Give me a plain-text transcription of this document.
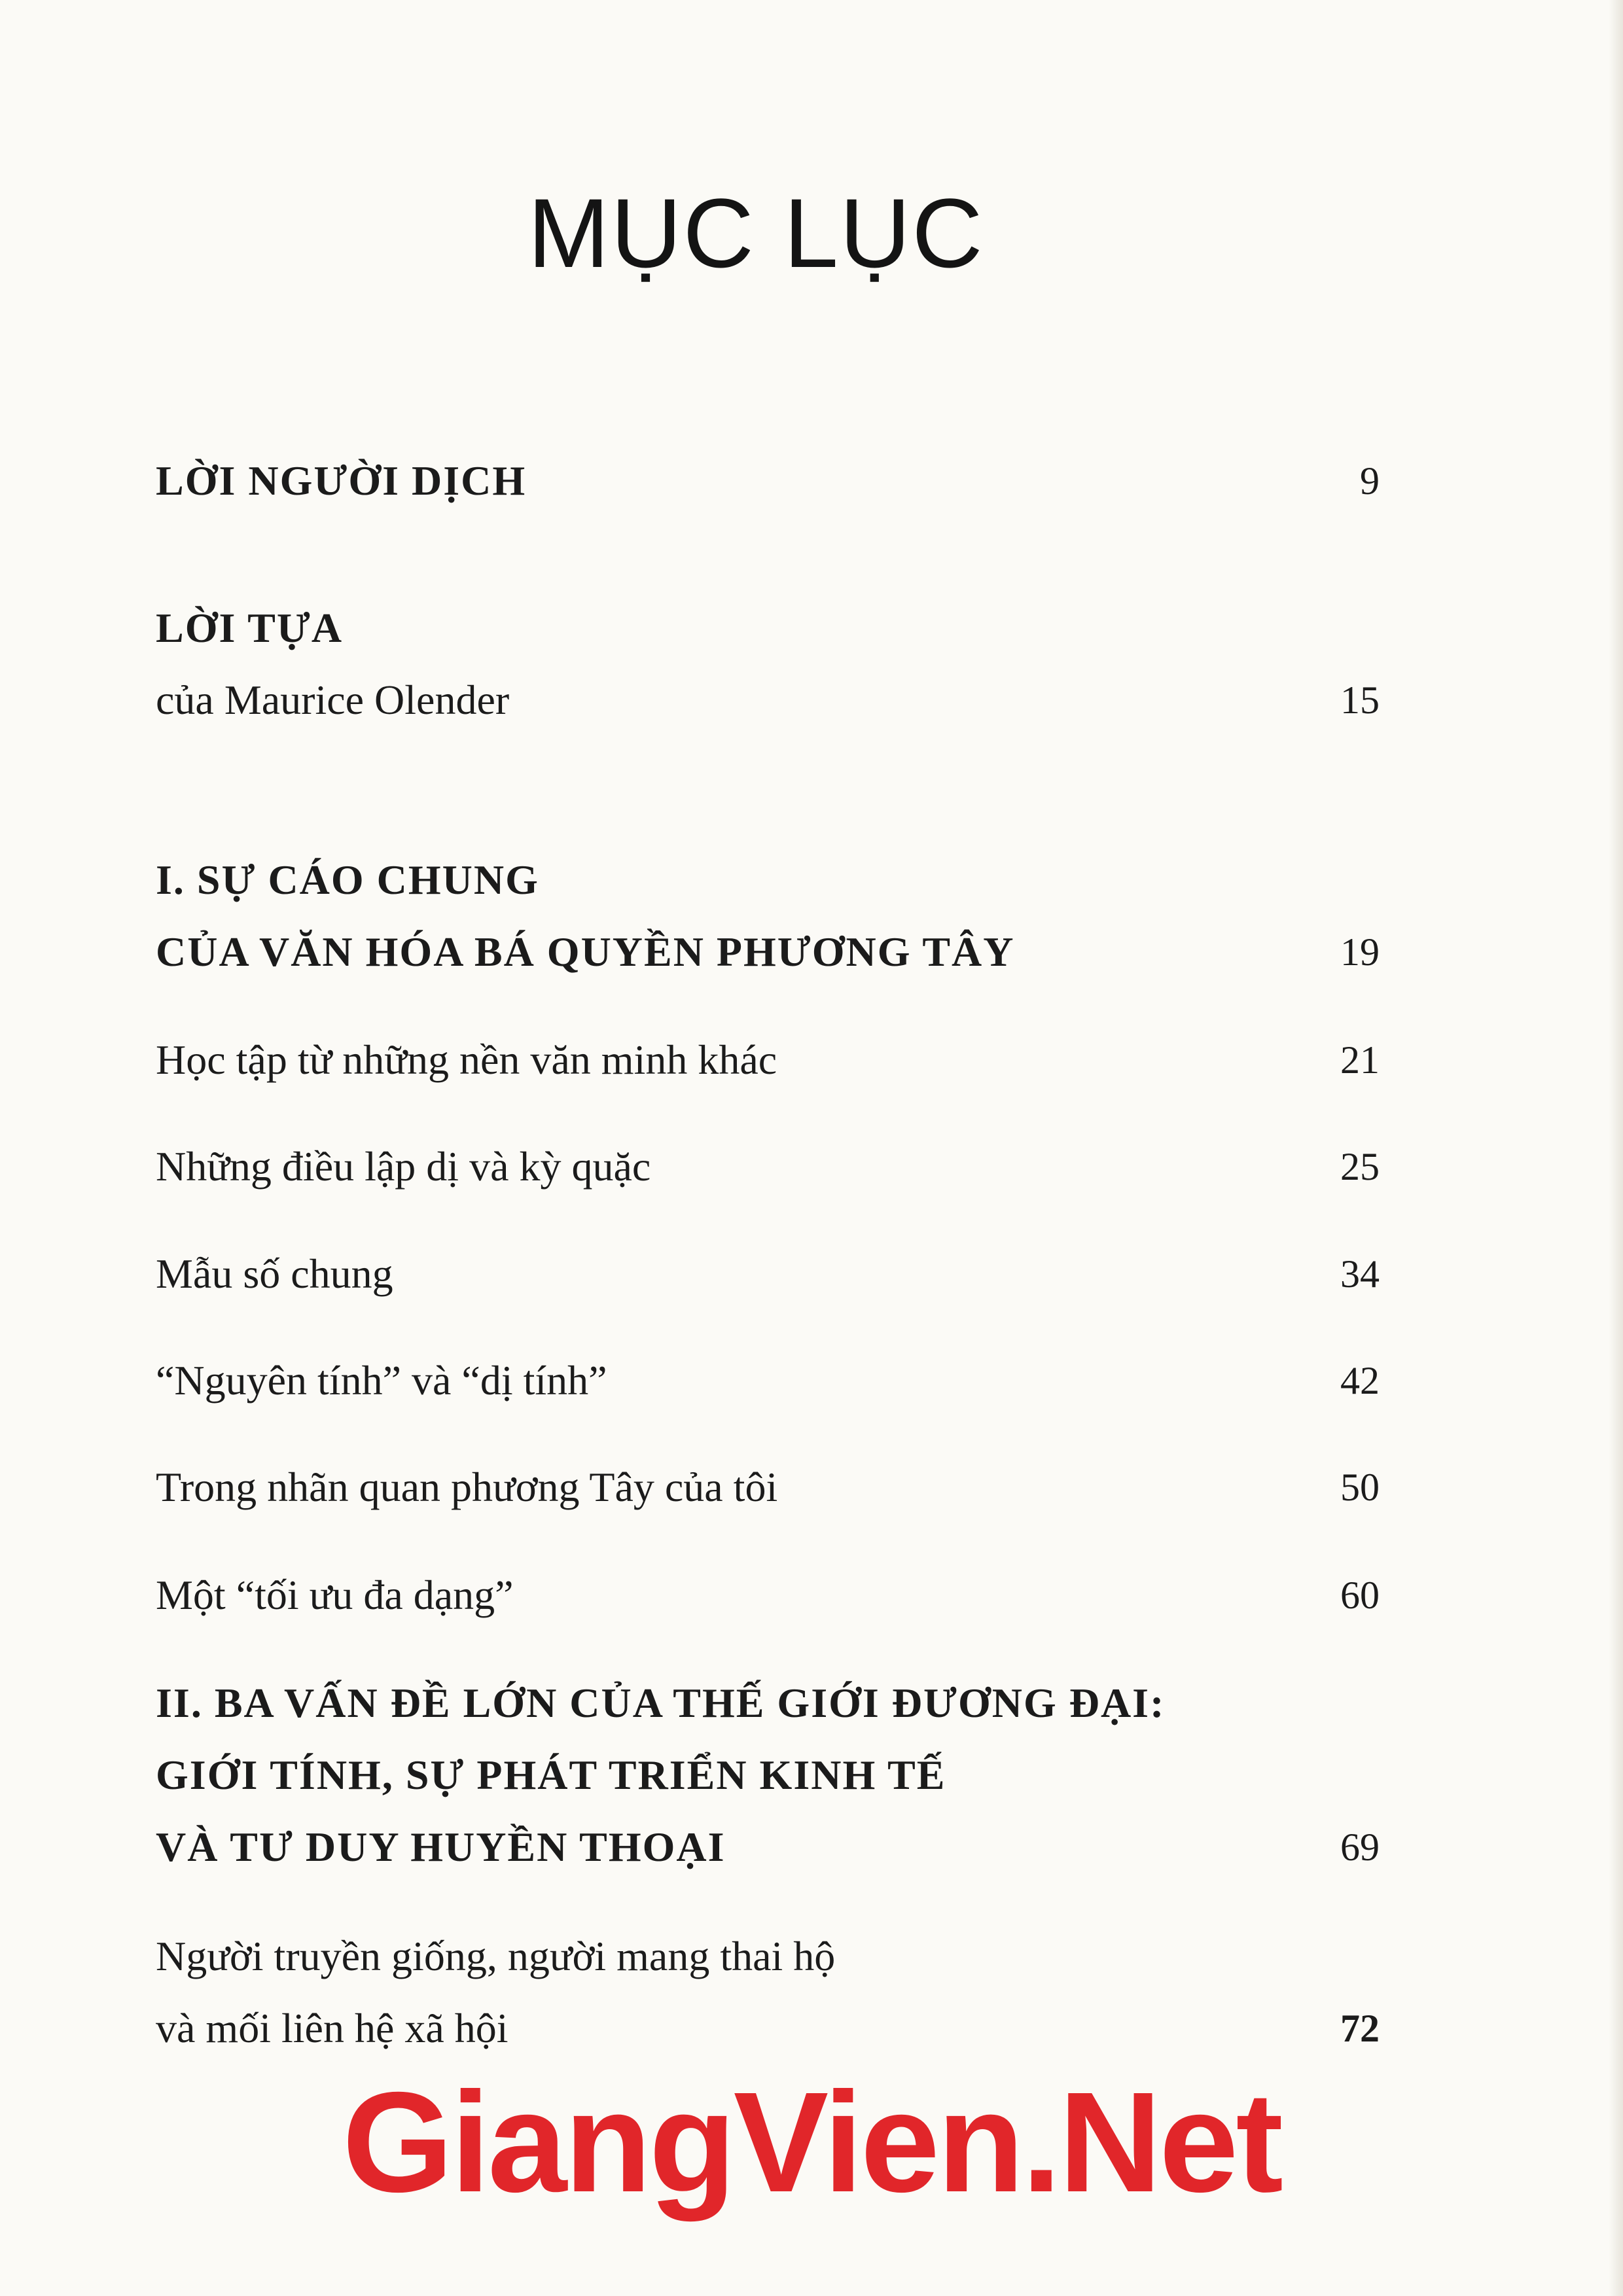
MỤC LỤC
LỜI NGƯỜI DỊCH	9
LỜI TỰA
của Maurice Olender	15
I. SỰ CÁO CHUNG
CỦA VĂN HÓA BÁ QUYỀN PHƯƠNG TÂY	19
Học tập từ những nền văn minh khác	21
Những điều lập dị và kỳ quặc	25
Mẫu số chung	34
“Nguyên tính” và “dị tính”	42
Trong nhãn quan phương Tây của tôi	50
Một “tối ưu đa dạng”	60
II. BA VẤN ĐỀ LỚN CỦA THẾ GIỚI ĐƯƠNG ĐẠI:
GIỚI TÍNH, SỰ PHÁT TRIỂN KINH TẾ
VÀ TƯ DUY HUYỀN THOẠI	69
Người truyền giống, người mang thai hộ
và mối liên hệ xã hội	72
GiangVien.Net
